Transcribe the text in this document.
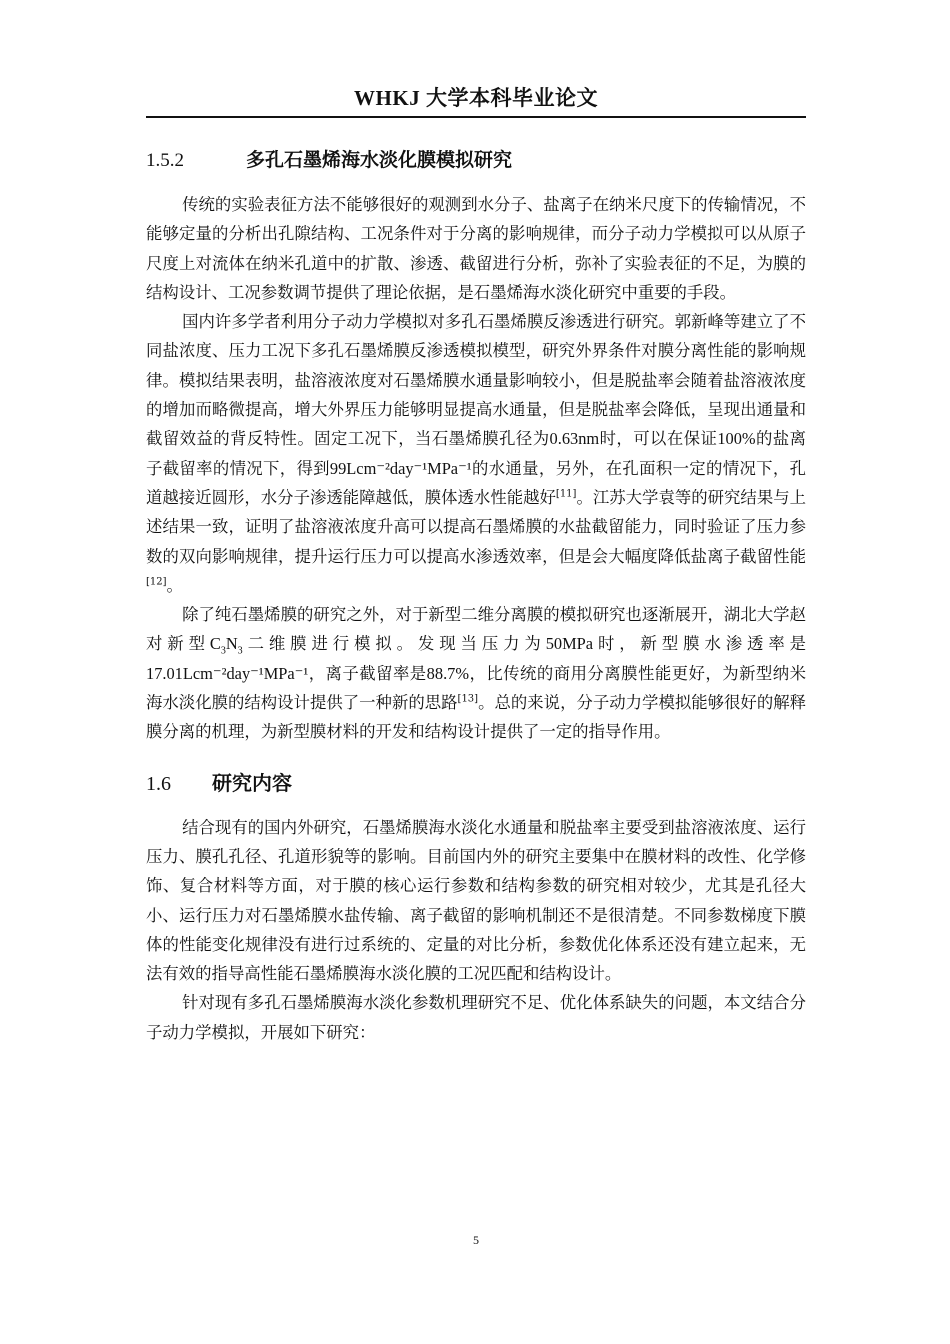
WHKJ 大学本科毕业论文
1.5.2	多孔石墨烯海水淡化膜模拟研究

传统的实验表征方法不能够很好的观测到水分子、盐离子在纳米尺度下的传输情况，不能够定量的分析出孔隙结构、工况条件对于分离的影响规律，而分子动力学模拟可以从原子尺度上对流体在纳米孔道中的扩散、渗透、截留进行分析，弥补了实验表征的不足，为膜的结构设计、工况参数调节提供了理论依据，是石墨烯海水淡化研究中重要的手段。

国内许多学者利用分子动力学模拟对多孔石墨烯膜反渗透进行研究。郭新峰等建立了不同盐浓度、压力工况下多孔石墨烯膜反渗透模拟模型，研究外界条件对膜分离性能的影响规律。模拟结果表明，盐溶液浓度对石墨烯膜水通量影响较小，但是脱盐率会随着盐溶液浓度的增加而略微提高，增大外界压力能够明显提高水通量，但是脱盐率会降低，呈现出通量和截留效益的背反特性。固定工况下，当石墨烯膜孔径为0.63nm时，可以在保证100%的盐离子截留率的情况下，得到99Lcm⁻²day⁻¹MPa⁻¹的水通量，另外，在孔面积一定的情况下，孔道越接近圆形，水分子渗透能障越低，膜体透水性能越好[11]。江苏大学袁等的研究结果与上述结果一致，证明了盐溶液浓度升高可以提高石墨烯膜的水盐截留能力，同时验证了压力参数的双向影响规律，提升运行压力可以提高水渗透效率，但是会大幅度降低盐离子截留性能[12]。

除了纯石墨烯膜的研究之外，对于新型二维分离膜的模拟研究也逐渐展开，湖北大学赵对新型$C_3N_3$二维膜进行模拟。发现当压力为50MPa时，新型膜水渗透率是17.01Lcm⁻²day⁻¹MPa⁻¹，离子截留率是88.7%，比传统的商用分离膜性能更好，为新型纳米海水淡化膜的结构设计提供了一种新的思路[13]。总的来说，分子动力学模拟能够很好的解释膜分离的机理，为新型膜材料的开发和结构设计提供了一定的指导作用。

1.6	研究内容

结合现有的国内外研究，石墨烯膜海水淡化水通量和脱盐率主要受到盐溶液浓度、运行压力、膜孔孔径、孔道形貌等的影响。目前国内外的研究主要集中在膜材料的改性、化学修饰、复合材料等方面，对于膜的核心运行参数和结构参数的研究相对较少，尤其是孔径大小、运行压力对石墨烯膜水盐传输、离子截留的影响机制还不是很清楚。不同参数梯度下膜体的性能变化规律没有进行过系统的、定量的对比分析，参数优化体系还没有建立起来，无法有效的指导高性能石墨烯膜海水淡化膜的工况匹配和结构设计。

针对现有多孔石墨烯膜海水淡化参数机理研究不足、优化体系缺失的问题，本文结合分子动力学模拟，开展如下研究：

5
